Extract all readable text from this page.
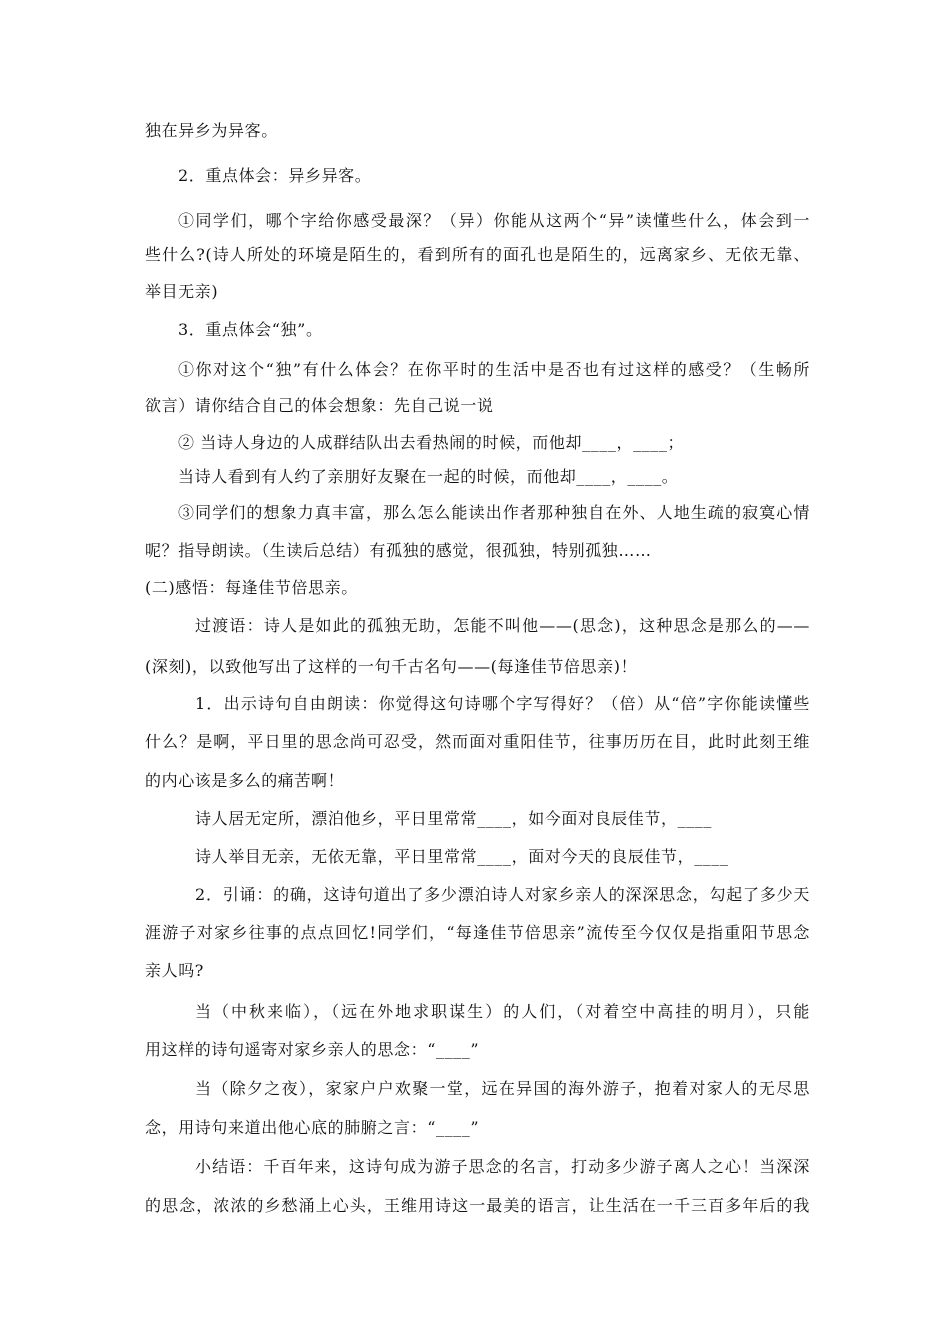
独在异乡为异客。
2．重点体会：异乡异客。
①同学们，哪个字给你感受最深？（异）你能从这两个“异”读懂些什么，体会到一
些什么?(诗人所处的环境是陌生的，看到所有的面孔也是陌生的，远离家乡、无依无靠、
举目无亲)
3．重点体会“独”。
①你对这个“独”有什么体会？在你平时的生活中是否也有过这样的感受？（生畅所
欲言）请你结合自己的体会想象：先自己说一说
② 当诗人身边的人成群结队出去看热闹的时候，而他却____，____；
当诗人看到有人约了亲朋好友聚在一起的时候，而他却____，____。
③同学们的想象力真丰富，那么怎么能读出作者那种独自在外、人地生疏的寂寞心情
呢？指导朗读。（生读后总结）有孤独的感觉，很孤独，特别孤独……
(二)感悟：每逢佳节倍思亲。
过渡语：诗人是如此的孤独无助，怎能不叫他——(思念)，这种思念是那么的——
(深刻)，以致他写出了这样的一句千古名句——(每逢佳节倍思亲)！
1．出示诗句自由朗读：你觉得这句诗哪个字写得好？（倍）从“倍”字你能读懂些
什么？是啊，平日里的思念尚可忍受，然而面对重阳佳节，往事历历在目，此时此刻王维
的内心该是多么的痛苦啊！
诗人居无定所，漂泊他乡，平日里常常____，如今面对良辰佳节，____
诗人举目无亲，无依无靠，平日里常常____，面对今天的良辰佳节，____
2．引诵：的确，这诗句道出了多少漂泊诗人对家乡亲人的深深思念，勾起了多少天
涯游子对家乡往事的点点回忆!同学们，“每逢佳节倍思亲”流传至今仅仅是指重阳节思念
亲人吗?
当（中秋来临），（远在外地求职谋生）的人们，（对着空中高挂的明月），只能
用这样的诗句遥寄对家乡亲人的思念：“____”
当（除夕之夜），家家户户欢聚一堂，远在异国的海外游子，抱着对家人的无尽思
念，用诗句来道出他心底的肺腑之言：“____”
小结语：千百年来，这诗句成为游子思念的名言，打动多少游子离人之心！当深深
的思念，浓浓的乡愁涌上心头，王维用诗这一最美的语言，让生活在一千三百多年后的我
